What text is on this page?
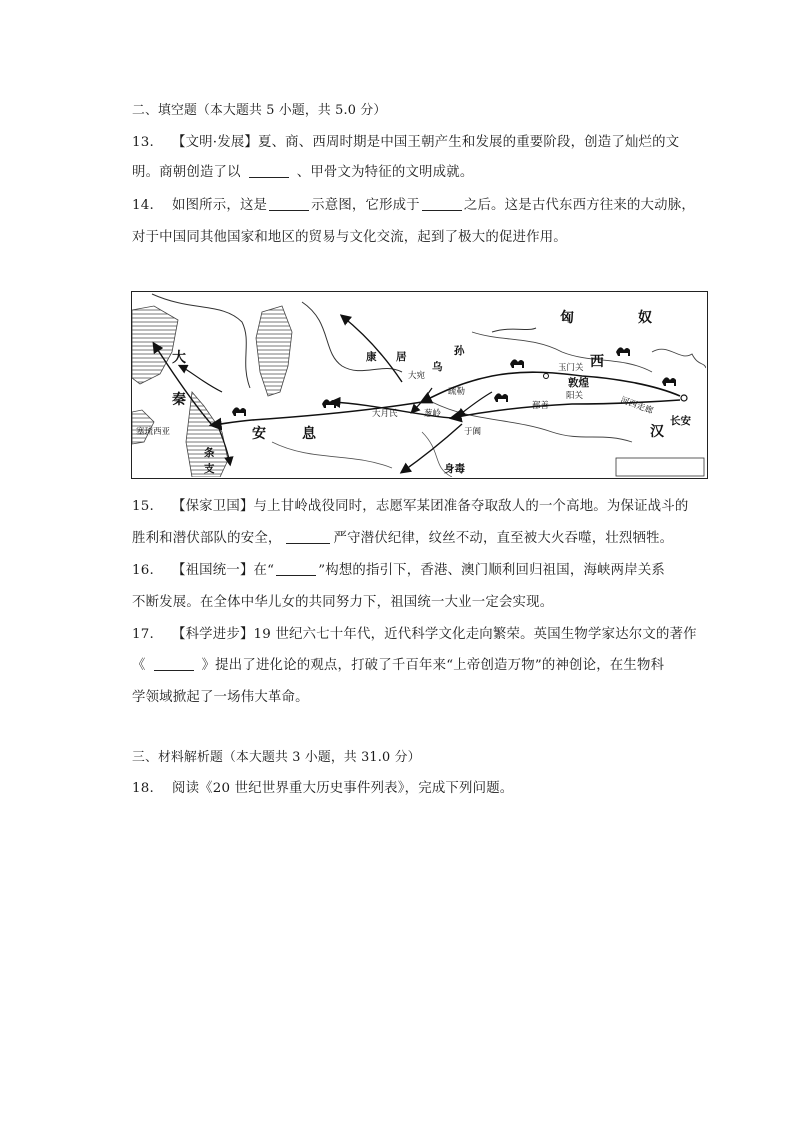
二、填空题（本大题共 5 小题，共 5.0 分）
13. 【文明·发展】夏、商、西周时期是中国王朝产生和发展的重要阶段，创造了灿烂的文
明。商朝创造了以	、甲骨文为特征的文明成就。
14. 如图所示，这是	示意图，它形成于	之后。这是古代东西方往来的大动脉，
对于中国同其他国家和地区的贸易与文化交流，起到了极大的促进作用。
匈	奴
西
汉
长安
敦煌
玉门关
阳关	河西走廊
鄯善
于阗
身毒
康 居
乌
孙
大宛
疏勒
大月氏	葱岭
安	息
大
秦
塞琉西亚
条
支
15. 【保家卫国】与上甘岭战役同时，志愿军某团准备夺取敌人的一个高地。为保证战斗的
胜利和潜伏部队的安全，	严守潜伏纪律，纹丝不动，直至被大火吞噬，壮烈牺牲。
16. 【祖国统一】在“	”构想的指引下，香港、澳门顺利回归祖国，海峡两岸关系
不断发展。在全体中华儿女的共同努力下，祖国统一大业一定会实现。
17. 【科学进步】19 世纪六七十年代，近代科学文化走向繁荣。英国生物学家达尔文的著作
《	》提出了进化论的观点，打破了千百年来“上帝创造万物”的神创论，在生物科
学领域掀起了一场伟大革命。
三、材料解析题（本大题共 3 小题，共 31.0 分）
18. 阅读《20 世纪世界重大历史事件列表》，完成下列问题。
